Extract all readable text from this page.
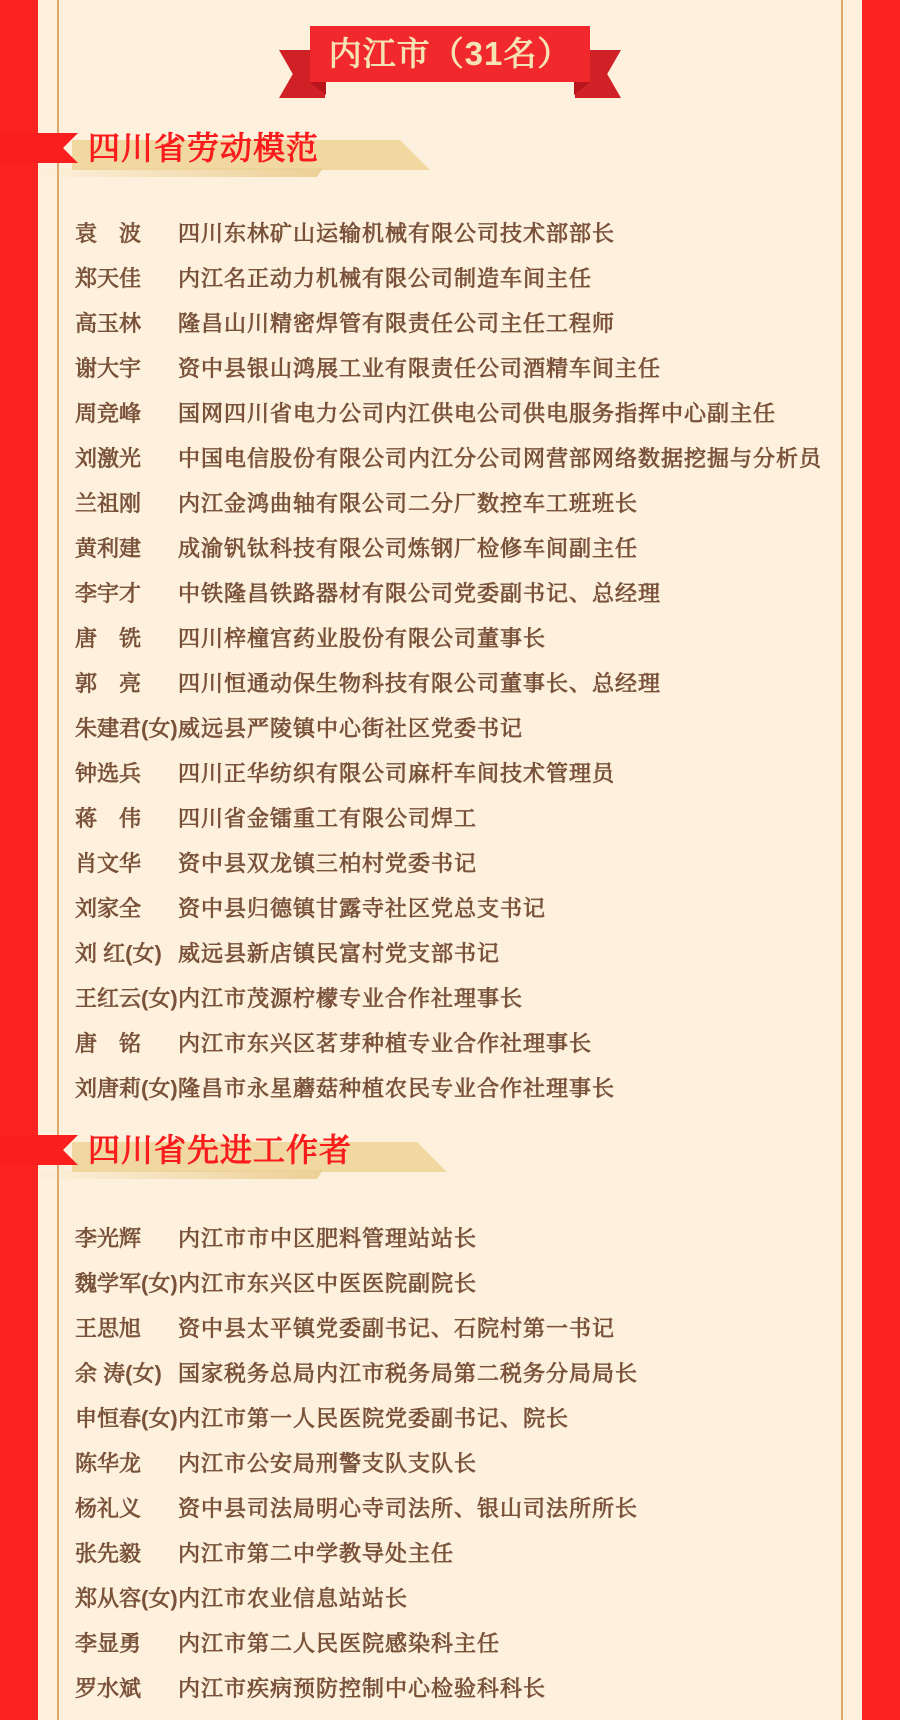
内江市（31名）
四川省劳动模范
袁　波	四川东林矿山运输机械有限公司技术部部长
郑天佳	内江名正动力机械有限公司制造车间主任
高玉林	隆昌山川精密焊管有限责任公司主任工程师
谢大宇	资中县银山鸿展工业有限责任公司酒精车间主任
周竞峰	国网四川省电力公司内江供电公司供电服务指挥中心副主任
刘激光	中国电信股份有限公司内江分公司网营部网络数据挖掘与分析员
兰祖刚	内江金鸿曲轴有限公司二分厂数控车工班班长
黄利建	成渝钒钛科技有限公司炼钢厂检修车间副主任
李宇才	中铁隆昌铁路器材有限公司党委副书记、总经理
唐　铣	四川梓橦宫药业股份有限公司董事长
郭　亮	四川恒通动保生物科技有限公司董事长、总经理
朱建君(女) 威远县严陵镇中心街社区党委书记
钟选兵	四川正华纺织有限公司麻杆车间技术管理员
蒋　伟	四川省金镭重工有限公司焊工
肖文华	资中县双龙镇三柏村党委书记
刘家全	资中县归德镇甘露寺社区党总支书记
刘 红(女) 威远县新店镇民富村党支部书记
王红云(女) 内江市茂源柠檬专业合作社理事长
唐　铭	内江市东兴区茗芽种植专业合作社理事长
刘唐莉(女) 隆昌市永星蘑菇种植农民专业合作社理事长
四川省先进工作者
李光辉	内江市市中区肥料管理站站长
魏学军(女) 内江市东兴区中医医院副院长
王思旭	资中县太平镇党委副书记、石院村第一书记
余 涛(女) 国家税务总局内江市税务局第二税务分局局长
申恒春(女) 内江市第一人民医院党委副书记、院长
陈华龙	内江市公安局刑警支队支队长
杨礼义	资中县司法局明心寺司法所、银山司法所所长
张先毅	内江市第二中学教导处主任
郑从容(女) 内江市农业信息站站长
李显勇	内江市第二人民医院感染科主任
罗水斌	内江市疾病预防控制中心检验科科长
